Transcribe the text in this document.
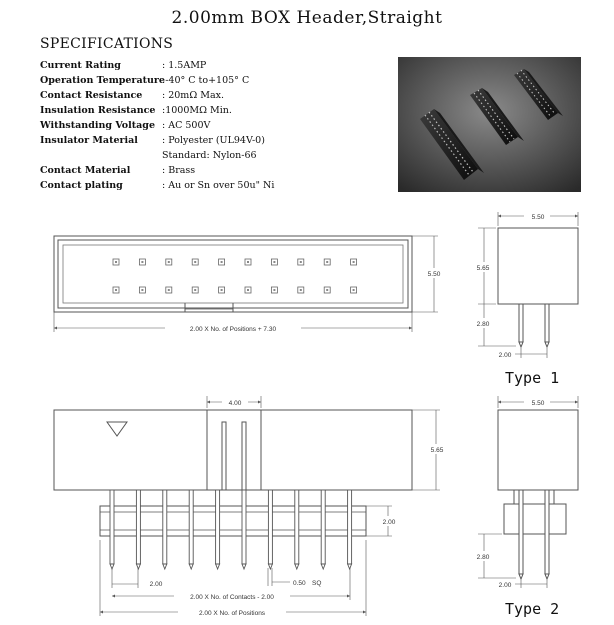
2.00mm BOX Header,Straight
SPECIFICATIONS
Current Rating	: 1.5AMP
Operation Temperature:-40° C to+105° C
Contact Resistance : 20mΩ Max.
Insulation Resistance :1000MΩ Min.
Withstanding Voltage : AC 500V
Insulator Material	: Polyester (UL94V-0)
Standard: Nylon-66
Contact Material	: Brass
Contact plating	: Au or Sn over 50u" Ni
5.50
2.00 X No. of Positions + 7.30
5.50
5.65
2.80
2.00
4.00
5.65
2.00
2.00	0.50 SQ
2.00 X No. of Contacts - 2.00
2.00 X No. of Positions
5.50
2.80
2.00
Type 1
Type 2
